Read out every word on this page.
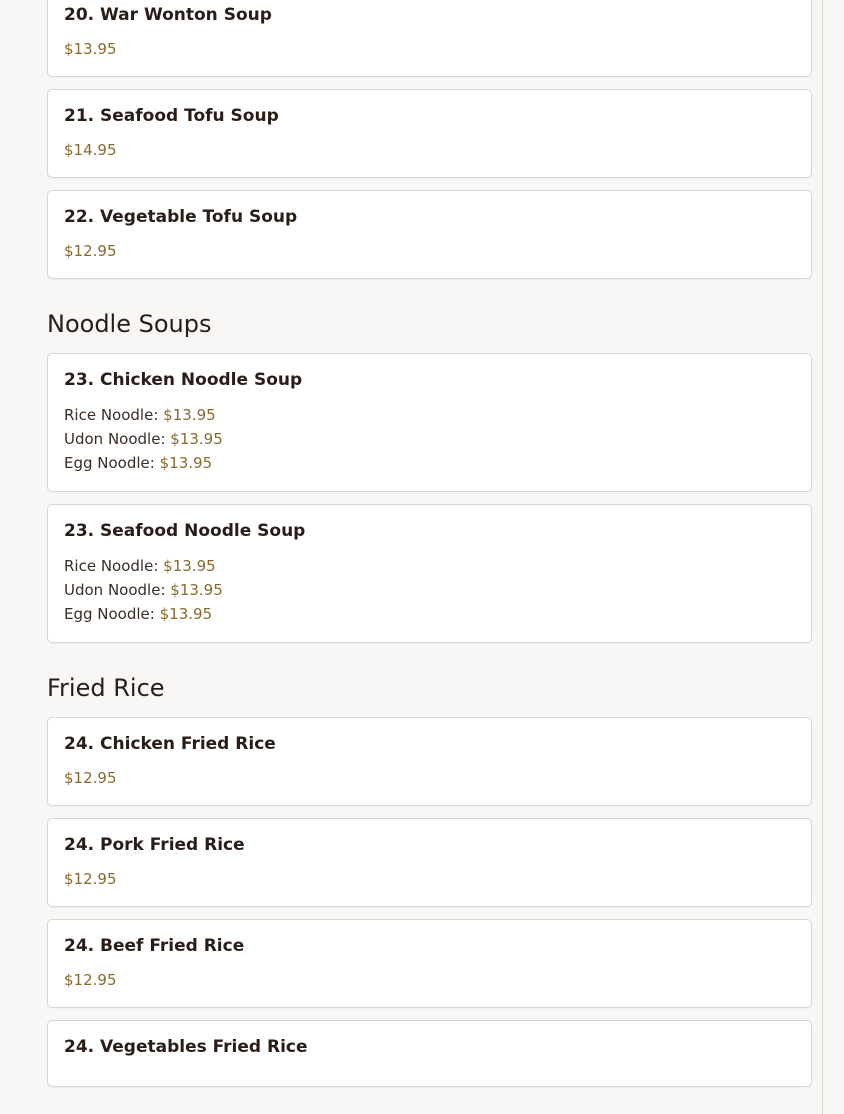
20. War Wonton Soup
$13.95
21. Seafood Tofu Soup
$14.95
22. Vegetable Tofu Soup
$12.95
Noodle Soups
23. Chicken Noodle Soup
Rice Noodle: $13.95
Udon Noodle: $13.95
Egg Noodle: $13.95
23. Seafood Noodle Soup
Rice Noodle: $13.95
Udon Noodle: $13.95
Egg Noodle: $13.95
Fried Rice
24. Chicken Fried Rice
$12.95
24. Pork Fried Rice
$12.95
24. Beef Fried Rice
$12.95
24. Vegetables Fried Rice
